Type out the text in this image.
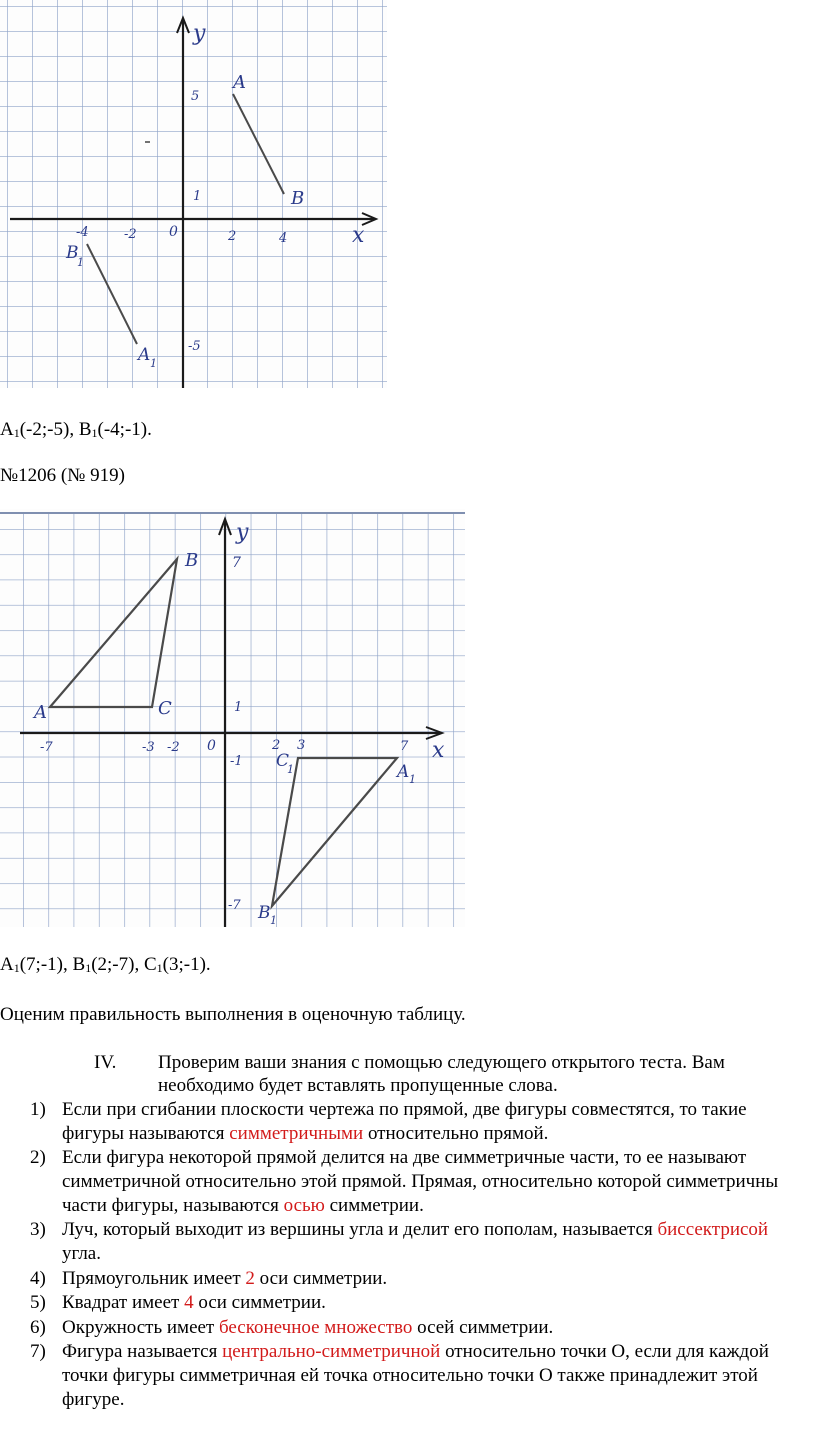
y
x
0
-4	-2	2	4
5
1
-5
A
B
B
1
A 1
$A_1(-2;-5)$, $B_1(-4;-1)$.
№1206 (№ 919)
y
x
0
-7	-3 -2	2 3	7
7
1
-1
-7
A
B
C
C
1	A 1
B 1
$A_1(7;-1)$, $B_1(2;-7)$, $C_1(3;-1)$.
Оценим правильность выполнения в оценочную таблицу.
IV. Проверим ваши знания с помощью следующего открытого теста. Вам
необходимо будет вставлять пропущенные слова.
1) Если при сгибании плоскости чертежа по прямой, две фигуры совместятся, то такие фигуры называются симметричными относительно прямой.
2) Если фигура некоторой прямой делится на две симметричные части, то ее называют симметричной относительно этой прямой. Прямая, относительно которой симметричны части фигуры, называются осью симметрии.
3) Луч, который выходит из вершины угла и делит его пополам, называется биссектрисой угла.
4) Прямоугольник имеет 2 оси симметрии.
5) Квадрат имеет 4 оси симметрии.
6) Окружность имеет бесконечное множество осей симметрии.
7) Фигура называется центрально-симметричной относительно точки O, если для каждой точки фигуры симметричная ей точка относительно точки O также принадлежит этой фигуре.
